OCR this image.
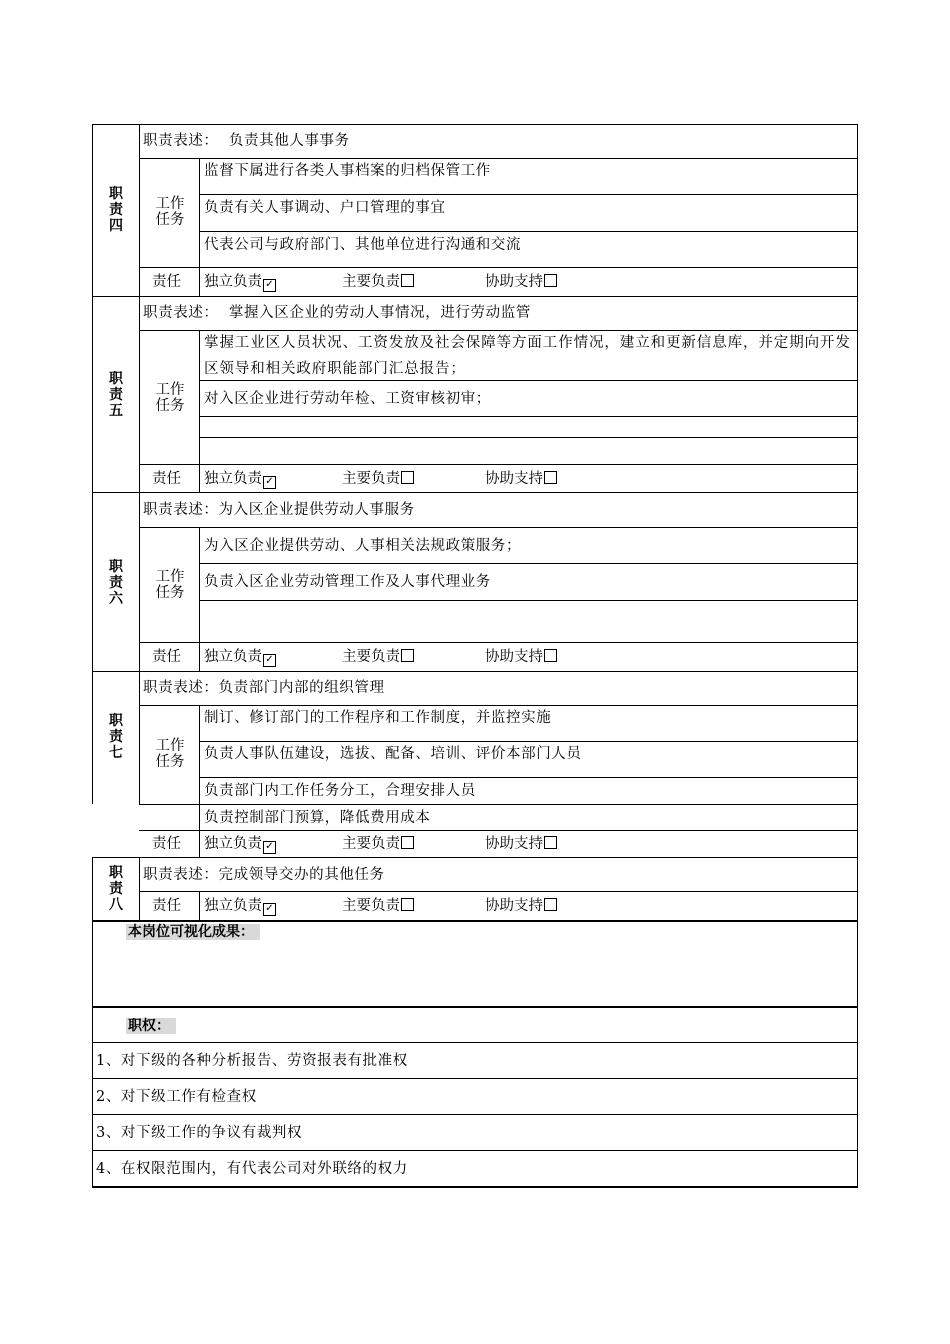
职
责
四
职责表述： 负责其他人事事务
工作
任务
监督下属进行各类人事档案的归档保管工作
负责有关人事调动、户口管理的事宜
代表公司与政府部门、其他单位进行沟通和交流
责任 独立负责 ✓	主要负责	协助支持
职
责
五
职责表述： 掌握入区企业的劳动人事情况，进行劳动监管
工作
任务
掌握工业区人员状况、工资发放及社会保障等方面工作情况，建立和更新信息库，并定期向开发区领导和相关政府职能部门汇总报告；
对入区企业进行劳动年检、工资审核初审；
责任 独立负责 ✓	主要负责	协助支持
职
责
六
职责表述：为入区企业提供劳动人事服务
工作
任务
为入区企业提供劳动、人事相关法规政策服务；
负责入区企业劳动管理工作及人事代理业务
责任 独立负责 ✓	主要负责	协助支持
职
责
七
职责表述：负责部门内部的组织管理
工作
任务
制订、修订部门的工作程序和工作制度，并监控实施
负责人事队伍建设，选拔、配备、培训、评价本部门人员
负责部门内工作任务分工，合理安排人员
负责控制部门预算，降低费用成本
责任 独立负责 ✓	主要负责	协助支持
职
责
八
职责表述：完成领导交办的其他任务
责任 独立负责 ✓	主要负责	协助支持
本岗位可视化成果：
职权：
1、对下级的各种分析报告、劳资报表有批准权
2、对下级工作有检查权
3、对下级工作的争议有裁判权
4、在权限范围内，有代表公司对外联络的权力
